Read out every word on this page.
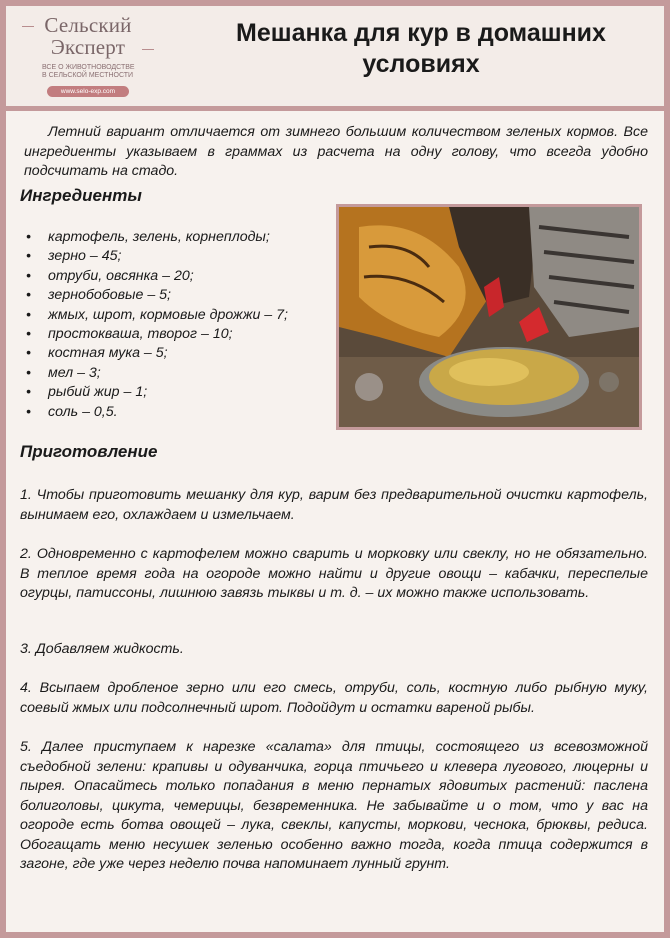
Сельский
Эксперт
ВСЕ О ЖИВОТНОВОДСТВЕ
В СЕЛЬСКОЙ МЕСТНОСТИ
www.selo-exp.com
Мешанка для кур в домашних условиях
Летний вариант отличается от зимнего большим количеством зеленых кормов. Все ингредиенты указываем в граммах из расчета на одну голову, что всегда удобно подсчитать на стадо.
Ингредиенты
• картофель, зелень, корнеплоды;
• зерно – 45;
• отруби, овсянка – 20;
• зернобобовые – 5;
• жмых, шрот, кормовые дрожжи – 7;
• простокваша, творог – 10;
• костная мука – 5;
• мел – 3;
• рыбий жир – 1;
• соль – 0,5.
Приготовление
1. Чтобы приготовить мешанку для кур, варим без предварительной очистки картофель, вынимаем его, охлаждаем и измельчаем.
2. Одновременно с картофелем можно сварить и морковку или свеклу, но не обязательно. В теплое время года на огороде можно найти и другие овощи – кабачки, переспелые огурцы, патиссоны, лишнюю завязь тыквы и т. д. – их можно также использовать.
3. Добавляем жидкость.
4. Всыпаем дробленое зерно или его смесь, отруби, соль, костную либо рыбную муку, соевый жмых или подсолнечный шрот. Подойдут и остатки вареной рыбы.
5. Далее приступаем к нарезке «салата» для птицы, состоящего из всевозможной съедобной зелени: крапивы и одуванчика, горца птичьего и клевера лугового, люцерны и пырея. Опасайтесь только попадания в меню пернатых ядовитых растений: паслена болиголовы, цикута, чемерицы, безвременника. Не забывайте и о том, что у вас на огороде есть ботва овощей – лука, свеклы, капусты, моркови, чеснока, брюквы, редиса. Обогащать меню несушек зеленью особенно важно тогда, когда птица содержится в загоне, где уже через неделю почва напоминает лунный грунт.
